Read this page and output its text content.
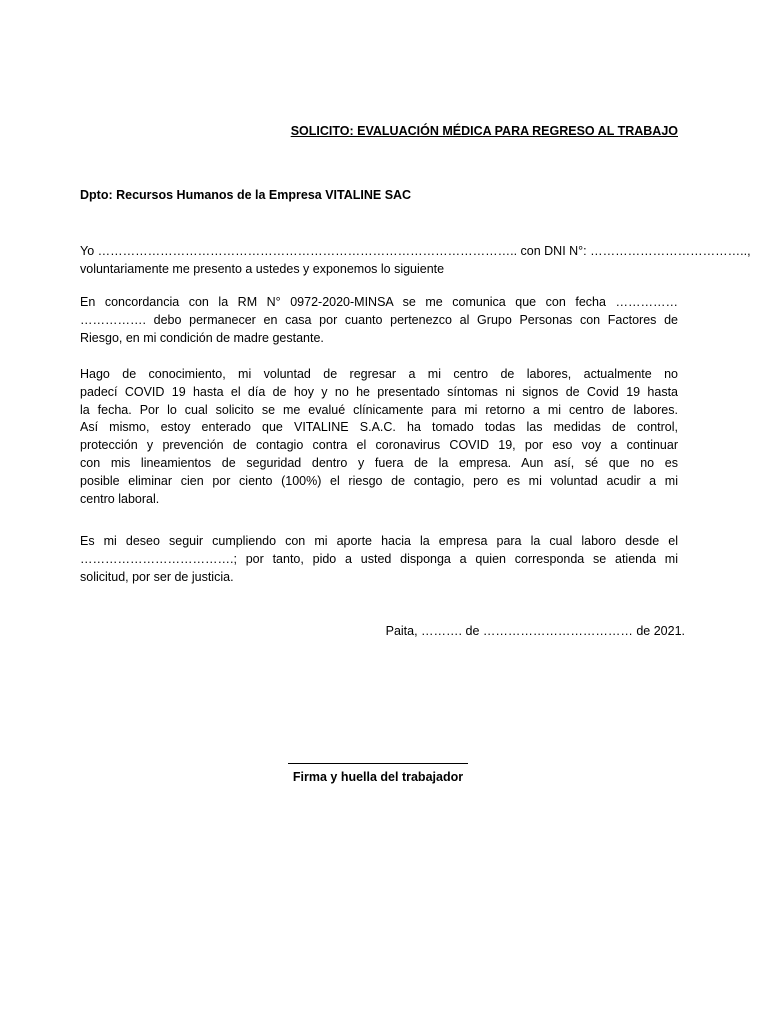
SOLICITO: EVALUACIÓN MÉDICA PARA REGRESO AL TRABAJO
Dpto: Recursos Humanos de la Empresa VITALINE SAC
Yo ……………………………………………………………………………………….. con DNI N°: ………………………………..,
voluntariamente me presento a ustedes y exponemos lo siguiente
En concordancia con la RM N° 0972-2020-MINSA se me comunica que con fecha ……………
……………. debo permanecer en casa por cuanto pertenezco al Grupo Personas con Factores de
Riesgo, en mi condición de madre gestante.
Hago de conocimiento, mi voluntad de regresar a mi centro de labores, actualmente no
padecí COVID 19 hasta el día de hoy y no he presentado síntomas ni signos de Covid 19 hasta
la fecha. Por lo cual solicito se me evalué clínicamente para mi retorno a mi centro de labores.
Así mismo, estoy enterado que VITALINE S.A.C. ha tomado todas las medidas de control,
protección y prevención de contagio contra el coronavirus COVID 19, por eso voy a continuar
con mis lineamientos de seguridad dentro y fuera de la empresa. Aun así, sé que no es
posible eliminar cien por ciento (100%) el riesgo de contagio, pero es mi voluntad acudir a mi
centro laboral.
Es mi deseo seguir cumpliendo con mi aporte hacia la empresa para la cual laboro desde el
……………………………….; por tanto, pido a usted disponga a quien corresponda se atienda mi
solicitud, por ser de justicia.
Paita, ………. de ……………………………… de 2021.
Firma y huella del trabajador
